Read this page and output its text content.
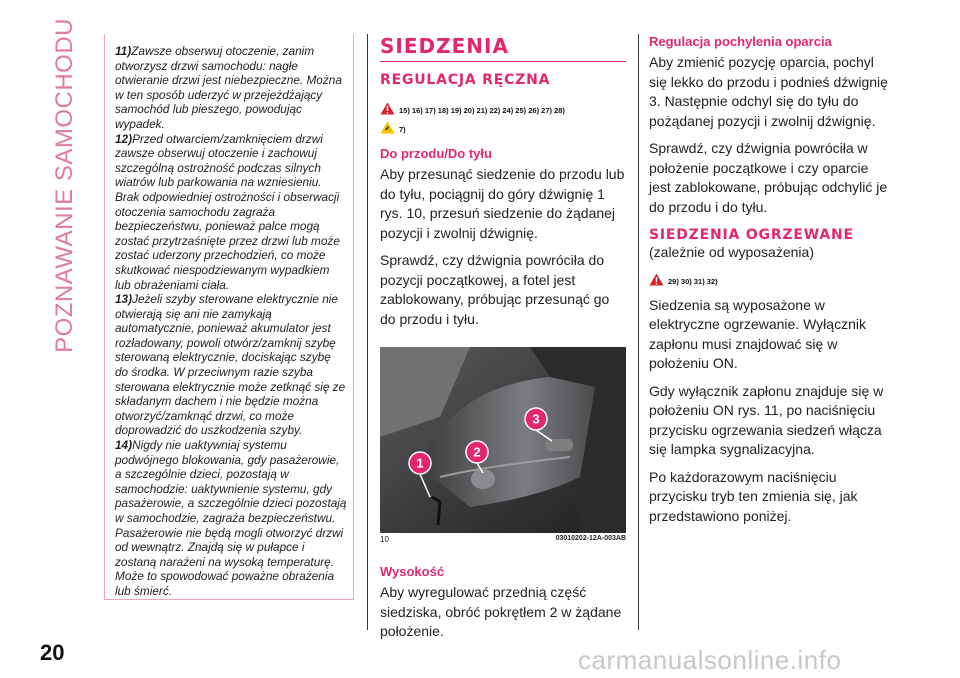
POZNAWANIE SAMOCHODU	11)Zawsze obserwuj otoczenie, zanim otworzysz drzwi samochodu: nagłe otwieranie drzwi jest niebezpieczne. Można w ten sposób uderzyć w przejeżdżający samochód lub pieszego, powodując wypadek.

12)Przed otwarciem/zamknięciem drzwi zawsze obserwuj otoczenie i zachowuj szczególną ostrożność podczas silnych wiatrów lub parkowania na wzniesieniu. Brak odpowiedniej ostrożności i obserwacji otoczenia samochodu zagraża bezpieczeństwu, ponieważ palce mogą zostać przytrzaśnięte przez drzwi lub może zostać uderzony przechodzień, co może skutkować niespodziewanym wypadkiem lub obrażeniami ciała.

13)Jeżeli szyby sterowane elektrycznie nie otwierają się ani nie zamykają automatycznie, ponieważ akumulator jest rozładowany, powoli otwórz/zamknij szybę sterowaną elektrycznie, dociskając szybę do środka. W przeciwnym razie szyba sterowana elektrycznie może zetknąć się ze składanym dachem i nie będzie można otworzyć/zamknąć drzwi, co może doprowadzić do uszkodzenia szyby.

14)Nigdy nie uaktywniaj systemu podwójnego blokowania, gdy pasażerowie, a szczególnie dzieci, pozostają w samochodzie: uaktywnienie systemu, gdy pasażerowie, a szczególnie dzieci pozostają w samochodzie, zagraża bezpieczeństwu. Pasażerowie nie będą mogli otworzyć drzwi od wewnątrz. Znajdą się w pułapce i zostaną narażeni na wysoką temperaturę. Może to spowodować poważne obrażenia lub śmierć.

SIEDZENIA
REGULACJA RĘCZNA
15) 16) 17) 18) 19) 20) 21) 22) 24) 25) 26) 27) 28)
7)
Do przodu/Do tyłu

Aby przesunąć siedzenie do przodu lub do tyłu, pociągnij do góry dźwignię 1 rys. 10, przesuń siedzenie do żądanej pozycji i zwolnij dźwignię.

Sprawdź, czy dźwignia powróciła do pozycji początkowej, a fotel jest zablokowany, próbując przesunąć go do przodu i tyłu.

1
2
3
10	03010202-12A-003AB
Wysokość

Aby wyregulować przednią część siedziska, obróć pokrętłem 2 w żądane położenie.

Regulacja pochylenia oparcia

Aby zmienić pozycję oparcia, pochyl się lekko do przodu i podnieś dźwignię 3. Następnie odchyl się do tyłu do pożądanej pozycji i zwolnij dźwignię.

Sprawdź, czy dźwignia powróciła w położenie początkowe i czy oparcie jest zablokowane, próbując odchylić je do przodu i do tyłu.

SIEDZENIA OGRZEWANE

(zależnie od wyposażenia)

29) 30) 31) 32)

Siedzenia są wyposażone w elektryczne ogrzewanie. Wyłącznik zapłonu musi znajdować się w położeniu ON.

Gdy wyłącznik zapłonu znajduje się w położeniu ON rys. 11, po naciśnięciu przycisku ogrzewania siedzeń włącza się lampka sygnalizacyjna.

Po każdorazowym naciśnięciu przycisku tryb ten zmienia się, jak przedstawiono poniżej.

20	carmanualsonline.info
